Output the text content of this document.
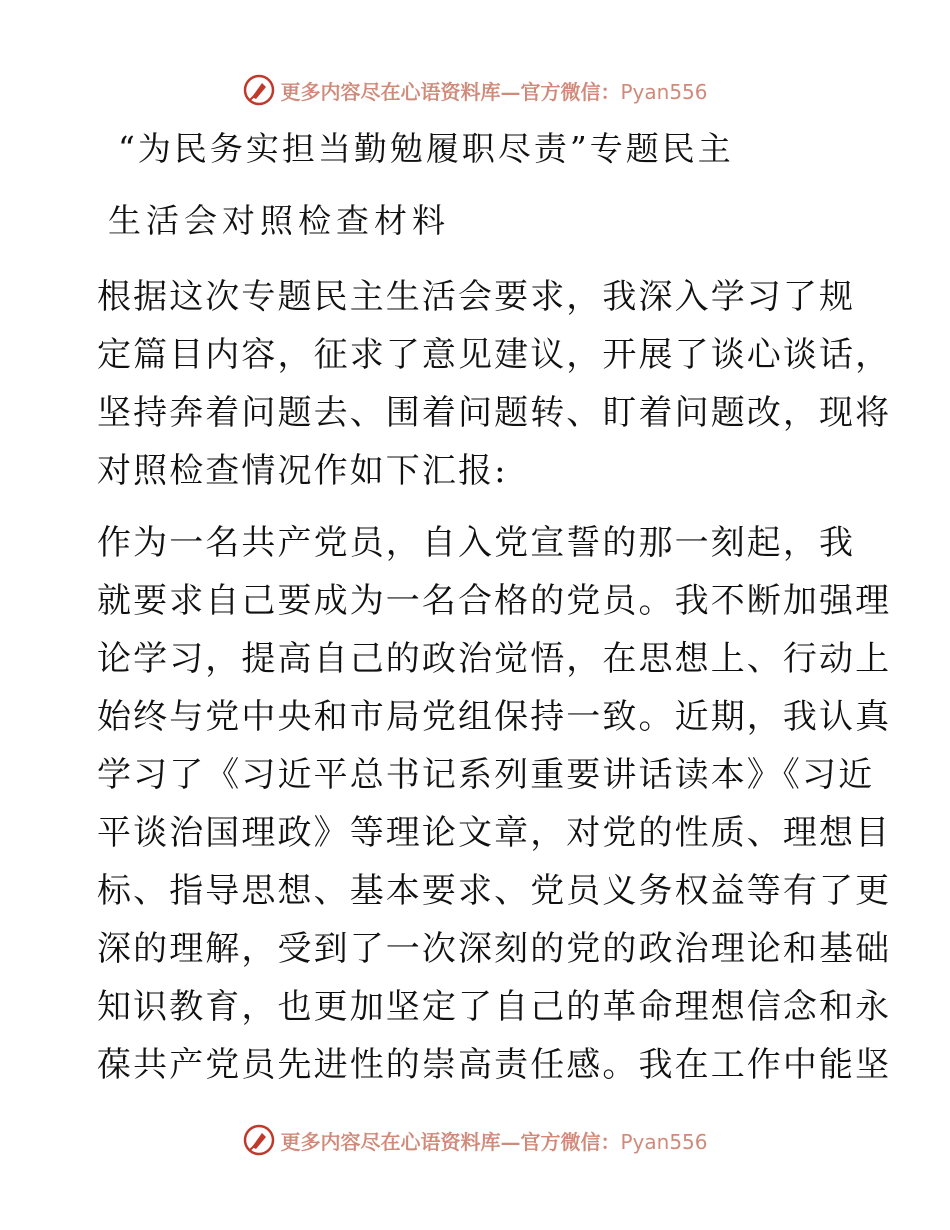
更多内容尽在心语资料库—官方微信：Pyan556
“为民务实担当勤勉履职尽责”专题民主
生活会对照检查材料

根据这次专题民主生活会要求，我深入学习了规
定篇目内容，征求了意见建议，开展了谈心谈话，
坚持奔着问题去、围着问题转、盯着问题改，现将
对照检查情况作如下汇报:

作为一名共产党员，自入党宣誓的那一刻起，我
就要求自己要成为一名合格的党员。我不断加强理
论学习，提高自己的政治觉悟，在思想上、行动上
始终与党中央和市局党组保持一致。近期，我认真
学习了《习近平总书记系列重要讲话读本》《习近
平谈治国理政》等理论文章，对党的性质、理想目
标、指导思想、基本要求、党员义务权益等有了更
深的理解，受到了一次深刻的党的政治理论和基础
知识教育，也更加坚定了自己的革命理想信念和永
葆共产党员先进性的崇高责任感。我在工作中能坚

更多内容尽在心语资料库—官方微信：Pyan556
